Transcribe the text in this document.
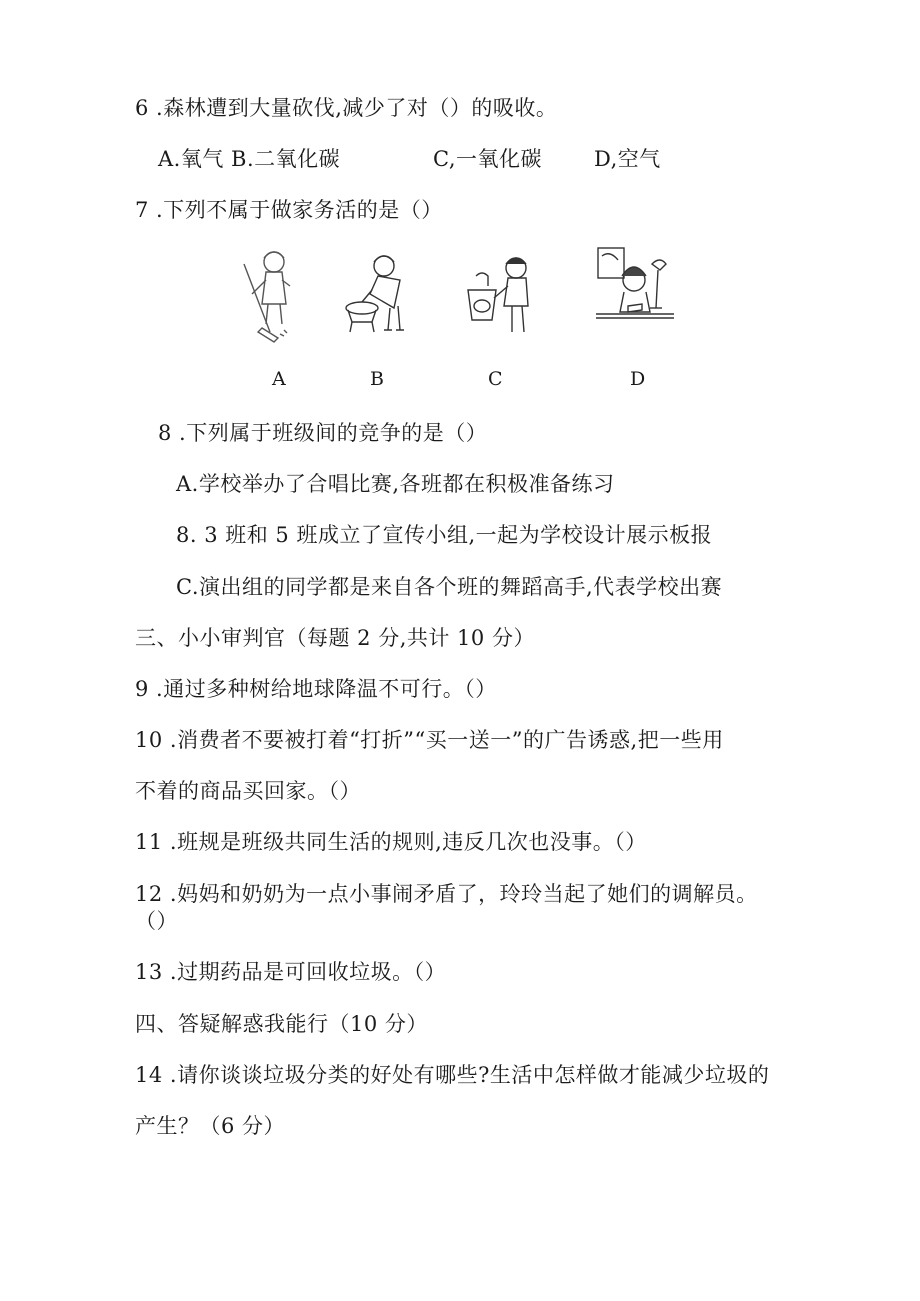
6 .森林遭到大量砍伐,减少了对（）的吸收。
A.氧气 B.二氧化碳	C,一氧化碳 D,空气
7 .下列不属于做家务活的是（）
A	B	C	D
8 .下列属于班级间的竞争的是（）
A.学校举办了合唱比赛,各班都在积极准备练习
8. 3 班和 5 班成立了宣传小组,一起为学校设计展示板报
C.演出组的同学都是来自各个班的舞蹈高手,代表学校出赛
三、小小审判官（每题 2 分,共计 10 分）
9 .通过多种树给地球降温不可行。（）
10 .消费者不要被打着“打折”“买一送一”的广告诱惑,把一些用
不着的商品买回家。（）
11 .班规是班级共同生活的规则,违反几次也没事。（）
12 .妈妈和奶奶为一点小事闹矛盾了，玲玲当起了她们的调解员。
（）
13 .过期药品是可回收垃圾。（）
四、答疑解惑我能行（10 分）
14 .请你谈谈垃圾分类的好处有哪些?生活中怎样做才能减少垃圾的
产生？（6 分）
